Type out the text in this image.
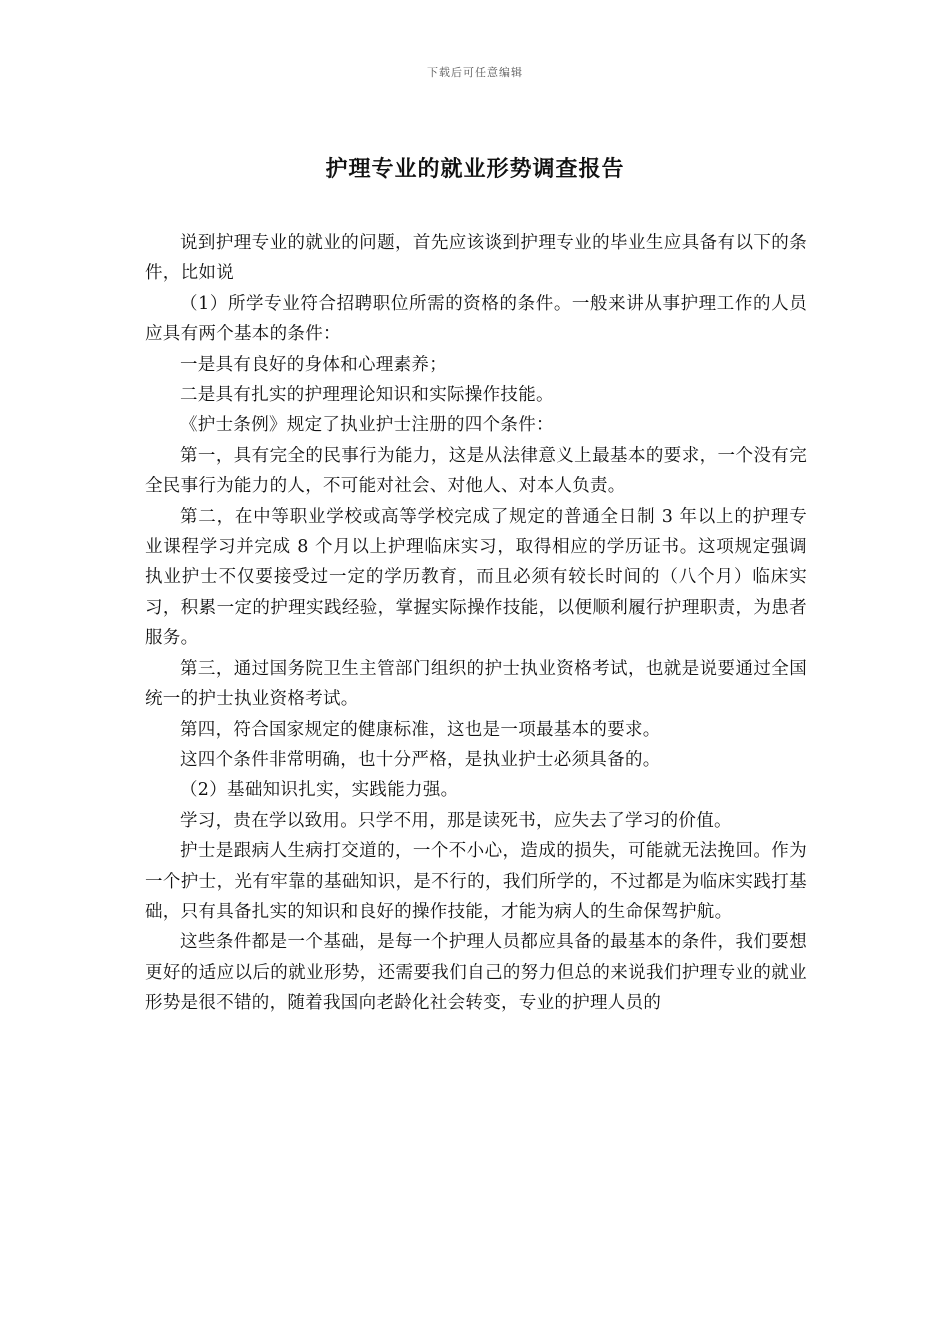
下载后可任意编辑
护理专业的就业形势调查报告

说到护理专业的就业的问题，首先应该谈到护理专业的毕业生应具备有以下的条件，比如说

（1）所学专业符合招聘职位所需的资格的条件。一般来讲从事护理工作的人员应具有两个基本的条件：

一是具有良好的身体和心理素养；

二是具有扎实的护理理论知识和实际操作技能。

《护士条例》规定了执业护士注册的四个条件：

第一，具有完全的民事行为能力，这是从法律意义上最基本的要求，一个没有完全民事行为能力的人，不可能对社会、对他人、对本人负责。

第二，在中等职业学校或高等学校完成了规定的普通全日制 3 年以上的护理专业课程学习并完成 8 个月以上护理临床实习，取得相应的学历证书。这项规定强调执业护士不仅要接受过一定的学历教育，而且必须有较长时间的（八个月）临床实习，积累一定的护理实践经验，掌握实际操作技能，以便顺利履行护理职责，为患者服务。

第三，通过国务院卫生主管部门组织的护士执业资格考试，也就是说要通过全国统一的护士执业资格考试。

第四，符合国家规定的健康标准，这也是一项最基本的要求。

这四个条件非常明确，也十分严格，是执业护士必须具备的。

（2）基础知识扎实，实践能力强。

学习，贵在学以致用。只学不用，那是读死书，应失去了学习的价值。

护士是跟病人生病打交道的，一个不小心，造成的损失，可能就无法挽回。作为一个护士，光有牢靠的基础知识，是不行的，我们所学的，不过都是为临床实践打基础，只有具备扎实的知识和良好的操作技能，才能为病人的生命保驾护航。

这些条件都是一个基础，是每一个护理人员都应具备的最基本的条件，我们要想更好的适应以后的就业形势，还需要我们自己的努力但总的来说我们护理专业的就业形势是很不错的，随着我国向老龄化社会转变，专业的护理人员的
